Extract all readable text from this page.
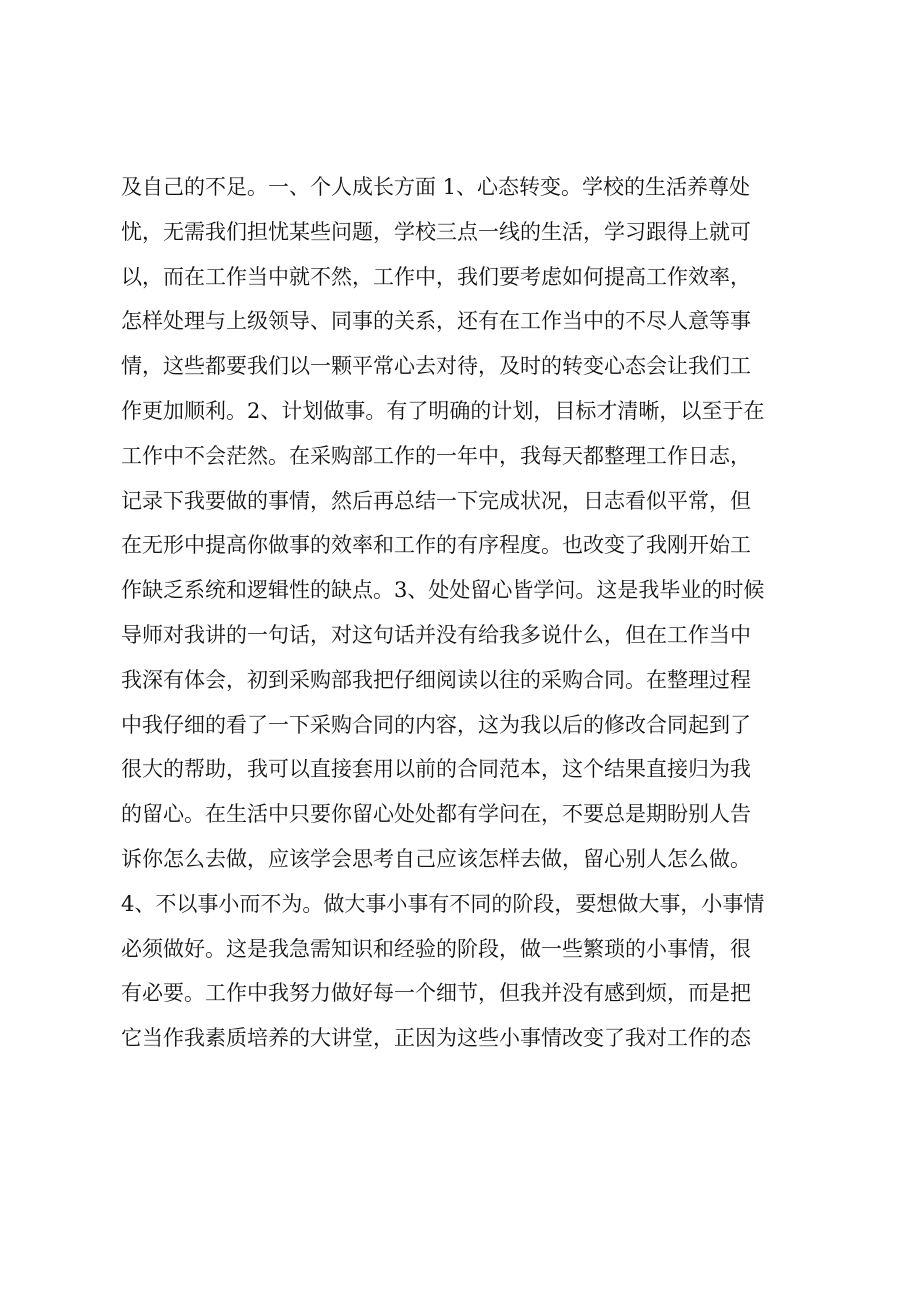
及自己的不足。一、个人成长方面 1、心态转变。学校的生活养尊处
忧，无需我们担忧某些问题，学校三点一线的生活，学习跟得上就可
以，而在工作当中就不然，工作中，我们要考虑如何提高工作效率，
怎样处理与上级领导、同事的关系，还有在工作当中的不尽人意等事
情，这些都要我们以一颗平常心去对待，及时的转变心态会让我们工
作更加顺利。2、计划做事。有了明确的计划，目标才清晰，以至于在
工作中不会茫然。在采购部工作的一年中，我每天都整理工作日志，
记录下我要做的事情，然后再总结一下完成状况，日志看似平常，但
在无形中提高你做事的效率和工作的有序程度。也改变了我刚开始工
作缺乏系统和逻辑性的缺点。3、处处留心皆学问。这是我毕业的时候
导师对我讲的一句话，对这句话并没有给我多说什么，但在工作当中
我深有体会，初到采购部我把仔细阅读以往的采购合同。在整理过程
中我仔细的看了一下采购合同的内容，这为我以后的修改合同起到了
很大的帮助，我可以直接套用以前的合同范本，这个结果直接归为我
的留心。在生活中只要你留心处处都有学问在，不要总是期盼别人告
诉你怎么去做，应该学会思考自己应该怎样去做，留心别人怎么做。
4、不以事小而不为。做大事小事有不同的阶段，要想做大事，小事情
必须做好。这是我急需知识和经验的阶段，做一些繁琐的小事情，很
有必要。工作中我努力做好每一个细节，但我并没有感到烦，而是把
它当作我素质培养的大讲堂，正因为这些小事情改变了我对工作的态
